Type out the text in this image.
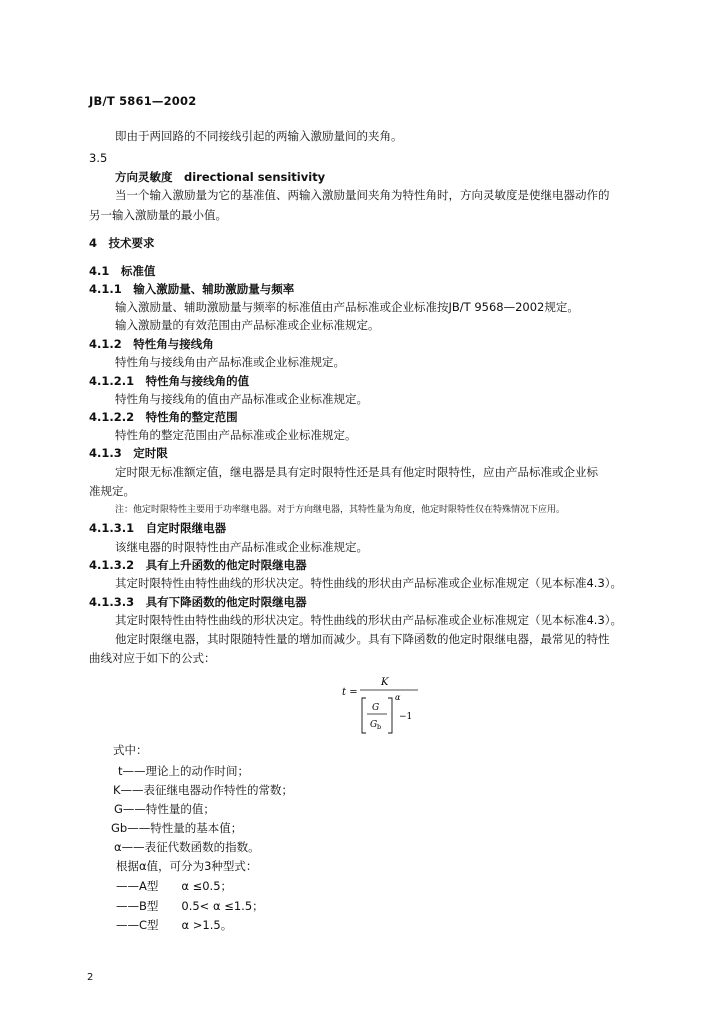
JB/T 5861—2002
即由于两回路的不同接线引起的两输入激励量间的夹角。
3.5
方向灵敏度　directional sensitivity
当一个输入激励量为它的基准值、两输入激励量间夹角为特性角时，方向灵敏度是使继电器动作的
另一输入激励量的最小值。
4　技术要求
4.1　标准值
4.1.1　输入激励量、辅助激励量与频率
输入激励量、辅助激励量与频率的标准值由产品标准或企业标准按JB/T 9568—2002规定。
输入激励量的有效范围由产品标准或企业标准规定。
4.1.2　特性角与接线角
特性角与接线角由产品标准或企业标准规定。
4.1.2.1　特性角与接线角的值
特性角与接线角的值由产品标准或企业标准规定。
4.1.2.2　特性角的整定范围
特性角的整定范围由产品标准或企业标准规定。
4.1.3　定时限
定时限无标准额定值，继电器是具有定时限特性还是具有他定时限特性，应由产品标准或企业标
准规定。
注：他定时限特性主要用于功率继电器。对于方向继电器，其特性量为角度，他定时限特性仅在特殊情况下应用。
4.1.3.1　自定时限继电器
该继电器的时限特性由产品标准或企业标准规定。
4.1.3.2　具有上升函数的他定时限继电器
其定时限特性由特性曲线的形状决定。特性曲线的形状由产品标准或企业标准规定（见本标准4.3）。
4.1.3.3　具有下降函数的他定时限继电器
其定时限特性由特性曲线的形状决定。特性曲线的形状由产品标准或企业标准规定（见本标准4.3）。
他定时限继电器，其时限随特性量的增加而减少。具有下降函数的他定时限继电器，最常见的特性
曲线对应于如下的公式：
t =
K
G
G b
α
−1
式中：
t——理论上的动作时间；
K——表征继电器动作特性的常数；
G——特性量的值；
Gb——特性量的基本值；
α——表征代数函数的指数。
根据α值，可分为3种型式：
——A型　　α ≤0.5；
——B型　　0.5< α ≤1.5；
——C型　　α >1.5。
2
